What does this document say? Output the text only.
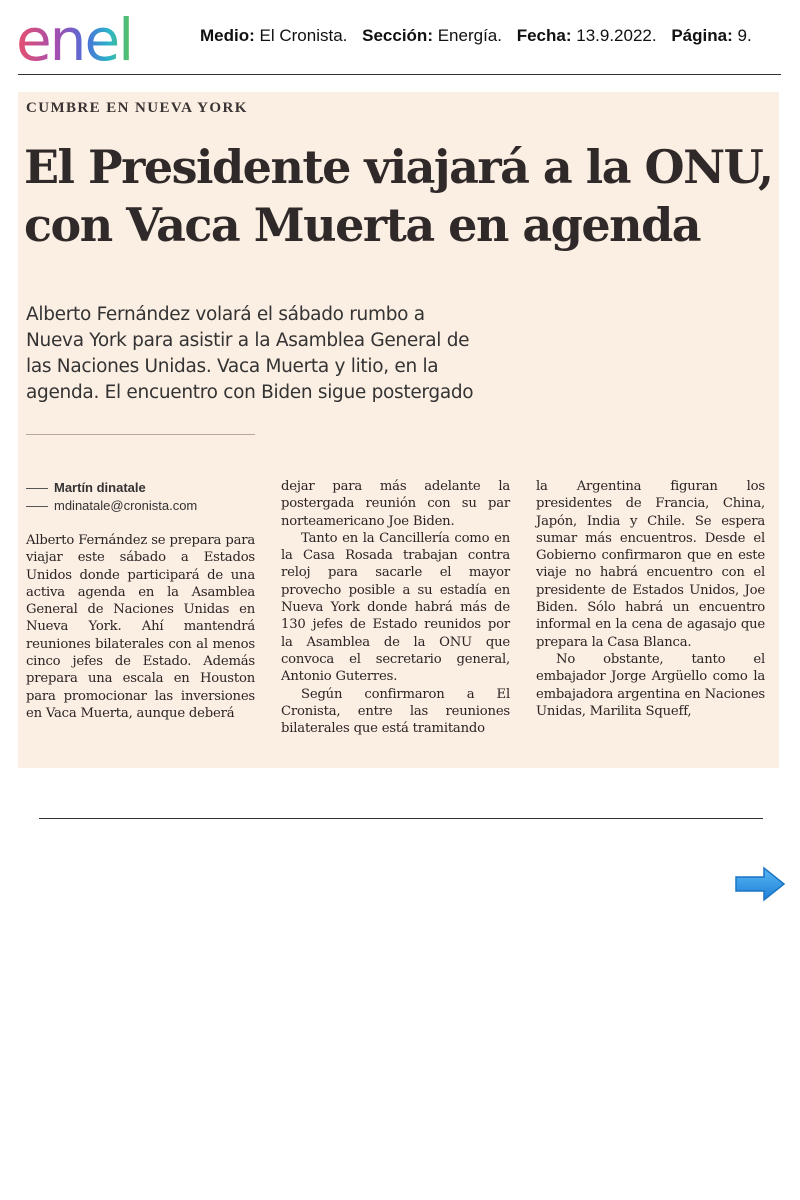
enel	Medio: El Cronista. Sección: Energía. Fecha: 13.9.2022. Página: 9.
CUMBRE EN NUEVA YORK
El Presidente viajará a la ONU,
con Vaca Muerta en agenda

Alberto Fernández volará el sábado rumbo a
Nueva York para asistir a la Asamblea General de
las Naciones Unidas. Vaca Muerta y litio, en la
agenda. El encuentro con Biden sigue postergado

Martín dinatale
mdinatale@cronista.com
Alberto Fernández se prepara para viajar este sábado a Estados Unidos donde participará de una activa agenda en la Asamblea General de Naciones Unidas en Nueva York. Ahí mantendrá reuniones bilaterales con al menos cinco jefes de Estado. Además prepara una escala en Houston para promocionar las inversiones en Vaca Muerta, aunque deberá
dejar para más adelante la postergada reunión con su par norteamericano Joe Biden.
Tanto en la Cancillería como en la Casa Rosada trabajan contra reloj para sacarle el mayor provecho posible a su estadía en Nueva York donde habrá más de 130 jefes de Estado reunidos por la Asamblea de la ONU que convoca el secretario general, Antonio Guterres.
Según confirmaron a El Cronista, entre las reuniones bilaterales que está tramitando
la Argentina figuran los presidentes de Francia, China, Japón, India y Chile. Se espera sumar más encuentros. Desde el Gobierno confirmaron que en este viaje no habrá encuentro con el presidente de Estados Unidos, Joe Biden. Sólo habrá un encuentro informal en la cena de agasajo que prepara la Casa Blanca.
No obstante, tanto el embajador Jorge Argüello como la embajadora argentina en Naciones Unidas, Marilita Squeff,
